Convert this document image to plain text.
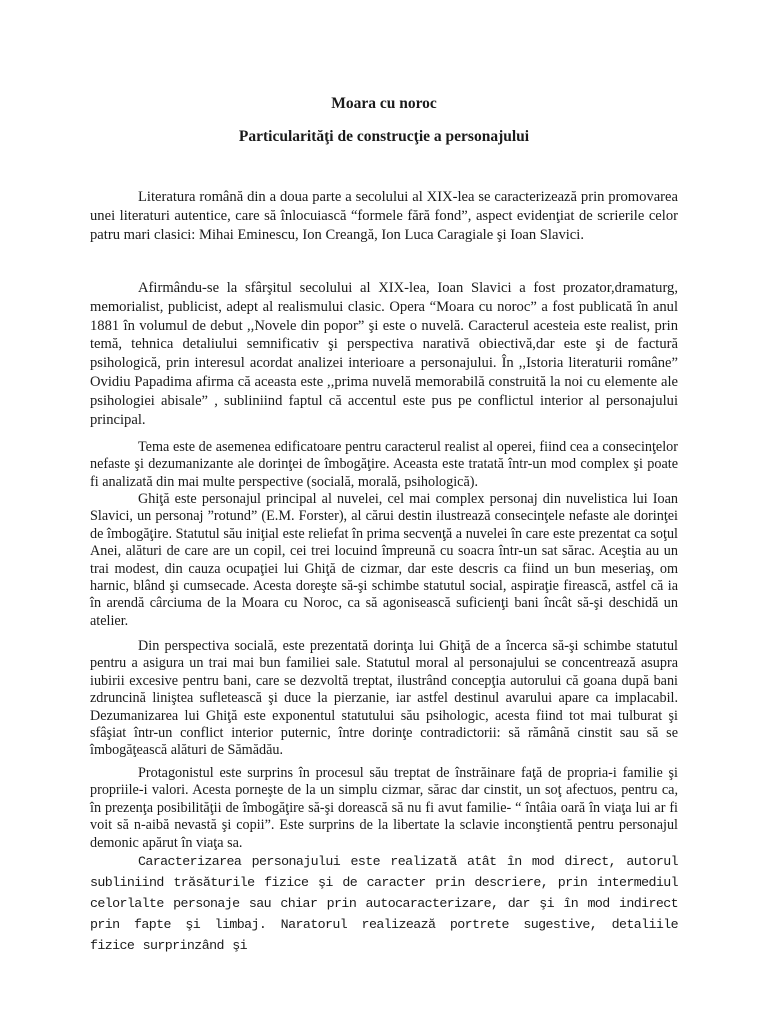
Moara cu noroc
Particularităţi de construcţie a personajului

Literatura română din a doua parte a secolului al XIX-lea se caracterizează prin promovarea unei literaturi autentice, care să înlocuiască “formele fără fond”, aspect evidenţiat de scrierile celor patru mari clasici: Mihai Eminescu, Ion Creangă, Ion Luca Caragiale şi Ioan Slavici.

Afirmându-se la sfârşitul secolului al XIX-lea, Ioan Slavici a fost prozator,dramaturg, memorialist, publicist, adept al realismului clasic. Opera “Moara cu noroc” a fost publicată în anul 1881 în volumul de debut ,,Novele din popor” şi este o nuvelă. Caracterul acesteia este realist, prin temă, tehnica detaliului semnificativ şi perspectiva narativă obiectivă,dar este şi de factură psihologică, prin interesul acordat analizei interioare a personajului. În ,,Istoria literaturii române” Ovidiu Papadima afirma că aceasta este ,,prima nuvelă memorabilă construită la noi cu elemente ale psihologiei abisale” , subliniind faptul că accentul este pus pe conflictul interior al personajului principal.

Tema este de asemenea edificatoare pentru caracterul realist al operei, fiind cea a consecinţelor nefaste şi dezumanizante ale dorinţei de îmbogăţire. Aceasta este tratată într-un mod complex şi poate fi analizată din mai multe perspective (socială, morală, psihologică).

Ghiţă este personajul principal al nuvelei, cel mai complex personaj din nuvelistica lui Ioan Slavici, un personaj ”rotund” (E.M. Forster), al cărui destin ilustrează consecinţele nefaste ale dorinţei de îmbogăţire. Statutul său iniţial este reliefat în prima secvenţă a nuvelei în care este prezentat ca soţul Anei, alături de care are un copil, cei trei locuind împreună cu soacra într-un sat sărac. Aceştia au un trai modest, din cauza ocupaţiei lui Ghiţă de cizmar, dar este descris ca fiind un bun meseriaş, om harnic, blând şi cumsecade. Acesta doreşte să-şi schimbe statutul social, aspiraţie firească, astfel că ia în arendă cârciuma de la Moara cu Noroc, ca să agonisească suficienţi bani încât să-şi deschidă un atelier.

Din perspectiva socială, este prezentată dorinţa lui Ghiţă de a încerca să-şi schimbe statutul pentru a asigura un trai mai bun familiei sale. Statutul moral al personajului se concentrează asupra iubirii excesive pentru bani, care se dezvoltă treptat, ilustrând concepţia autorului că goana după bani zdruncină liniştea sufletească şi duce la pierzanie, iar astfel destinul avarului apare ca implacabil. Dezumanizarea lui Ghiţă este exponentul statutului său psihologic, acesta fiind tot mai tulburat şi sfâşiat într-un conflict interior puternic, între dorinţe contradictorii: să rămână cinstit sau să se îmbogăţească alături de Sămădău.

Protagonistul este surprins în procesul său treptat de înstrăinare faţă de propria-i familie şi propriile-i valori. Acesta porneşte de la un simplu cizmar, sărac dar cinstit, un soţ afectuos, pentru ca, în prezenţa posibilităţii de îmbogăţire să-şi dorească să nu fi avut familie- “ întâia oară în viaţa lui ar fi voit să n-aibă nevastă şi copii”. Este surprins de la libertate la sclavie inconştientă pentru personajul demonic apărut în viaţa sa.

Caracterizarea personajului este realizată atât în mod direct, autorul subliniind trăsăturile fizice şi de caracter prin descriere, prin intermediul celorlalte personaje sau chiar prin autocaracterizare, dar şi în mod indirect prin fapte şi limbaj. Naratorul realizează portrete sugestive, detaliile fizice surprinzând şi
